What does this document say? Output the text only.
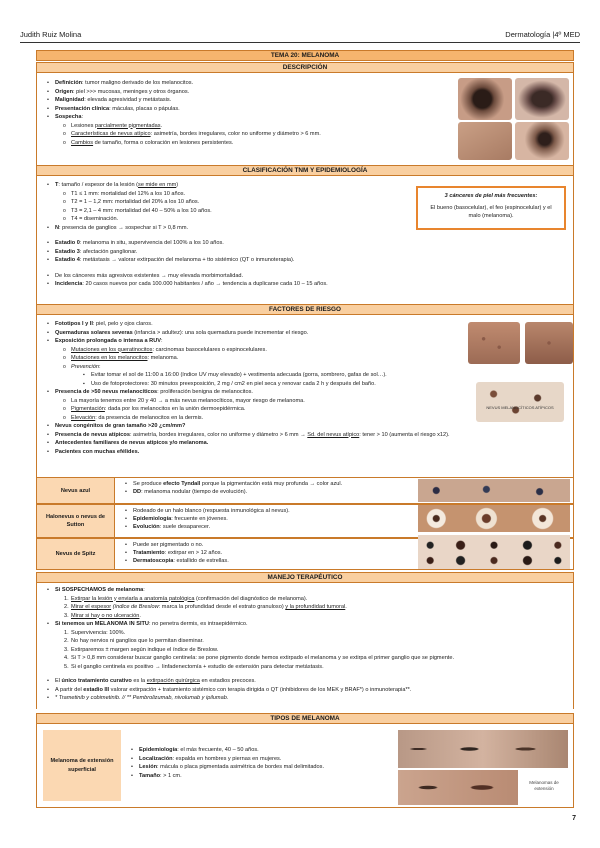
Judith Ruiz Molina	Dermatología |4º MED
TEMA 20: MELANOMA
DESCRIPCIÓN
• Definición: tumor maligno derivado de los melanocitos.
• Origen: piel >>> mucosas, meninges y otros órganos.
• Malignidad: elevada agresividad y metástasis.
• Presentación clínica: máculas, placas o pápulas.
• Sospecha:
o Lesiones parcialmente pigmentadas.
o Características de nevus atípico: asimetría, bordes irregulares, color no uniforme y diámetro > 6 mm.
o Cambios de tamaño, forma o coloración en lesiones persistentes.
CLASIFICACIÓN TNM Y EPIDEMIOLOGÍA
• T: tamaño / espesor de la lesión (se mide en mm)
o T1 ≤ 1 mm: mortalidad del 12% a los 10 años.
o T2 = 1 – 1,2 mm: mortalidad del 20% a los 10 años.
o T3 = 2,1 – 4 mm: mortalidad del 40 – 50% a los 10 años.
o T4 = diseminación.
• N: presencia de ganglios → sospechar si T > 0,8 mm.
• Estadio 0: melanoma in situ, supervivencia del 100% a los 10 años.
• Estadio 3: afectación ganglionar.
• Estadio 4: metástasis → valorar extirpación del melanoma + tto sistémico (QT o inmunoterapia).
• De los cánceres más agresivos existentes → muy elevada morbimortalidad.
• Incidencia: 20 casos nuevos por cada 100.000 habitantes / año → tendencia a duplicarse cada 10 – 15 años.
3 cánceres de piel más frecuentes:
El bueno (basocelular), el feo (espinocelular) y el malo (melanoma).
FACTORES DE RIESGO
• Fototipos I y II: piel, pelo y ojos claros.
• Quemaduras solares severas (infancia > adultez): una sola quemadura puede incrementar el riesgo.
• Exposición prolongada o intensa a RUV:
o Mutaciones en los queratinocitos: carcinomas basocelulares o espinocelulares.
o Mutaciones en los melanocitos: melanoma.
o Prevención:
▪ Evitar tomar el sol de 11:00 a 16:00 (índice UV muy elevado) + vestimenta adecuada (gorra, sombrero, gafas de sol…).
▪ Uso de fotoprotectores: 30 minutos preexposición, 2 mg / cm2 en piel seca y renovar cada 2 h y después del baño.
• Presencia de >50 nevus melanocíticos: proliferación benigna de melanocitos.
o La mayoría tenemos entre 20 y 40 → a más nevus melanocíticos, mayor riesgo de melanoma.
o Pigmentación: dada por los melanocitos en la unión dermoepidérmica.
o Elevación: da presencia de melanocitos en la dermis.
• Nevus congénitos de gran tamaño >20 ¿cm/mm?
• Presencia de nevus atípicos: asimetría, bordes irregulares, color no uniforme y diámetro > 6 mm → Sd. del nevus atípico: tener > 10 (aumenta el riesgo x12).
• Antecedentes familiares de nevus atípicos y/o melanoma.
• Pacientes con muchas efélides.
NEVUS MELANOCÍTICOS ATÍPICOS
Nevus azul
• Se produce efecto Tyndall porque la pigmentación está muy profunda → color azul.
• DD: melanoma nodular (tiempo de evolución).
Halonevus o nevus de Sutton
• Rodeado de un halo blanco (respuesta inmunológica al nevus).
• Epidemiología: frecuente en jóvenes.
• Evolución: suele desaparecer.
Nevus de Spitz
• Puede ser pigmentado o no.
• Tratamiento: extirpar en > 12 años.
• Dermatoscopia: estallido de estrellas.
MANEJO TERAPÉUTICO
• Si SOSPECHAMOS de melanoma:
1. Extirpar la lesión y enviarla a anatomía patológica (confirmación del diagnóstico de melanoma).
2. Mirar el espesor (índice de Breslow: marca la profundidad desde el estrato granuloso) y la profundidad tumoral.
3. Mirar si hay o no ulceración.
• Si tenemos un MELANOMA IN SITU: no penetra dermis, es intraepidérmico.
1. Supervivencia: 100%.
2. No hay nervios ni ganglios que lo permitan diseminar.
3. Extirparemos ± margen según indique el índice de Breslow.
4. Si T > 0,8 mm considerar buscar ganglio centinela: se pone pigmento donde hemos extirpado el melanoma y se extirpa el primer ganglio que se pigmente.
5. Si el ganglio centinela es positivo → linfadenectomía + estudio de extensión para detectar metástasis.
• El único tratamiento curativo es la extirpación quirúrgica en estadios precoces.
• A partir del estadio III valorar extirpación + tratamiento sistémico con terapia dirigida o QT (inhibidores de los MEK y BRAF*) o inmunoterapia**.
• * Trametinib y cobimetinib. // ** Pembrolizumab, nivolumab y ipilumab.
TIPOS DE MELANOMA
Melanoma de extensión superficial
• Epidemiología: el más frecuente, 40 – 50 años.
• Localización: espalda en hombres y piernas en mujeres.
• Lesión: mácula o placa pigmentada asimétrica de bordes mal delimitados.
• Tamaño: > 1 cm.
Melanomas de extensión
7
